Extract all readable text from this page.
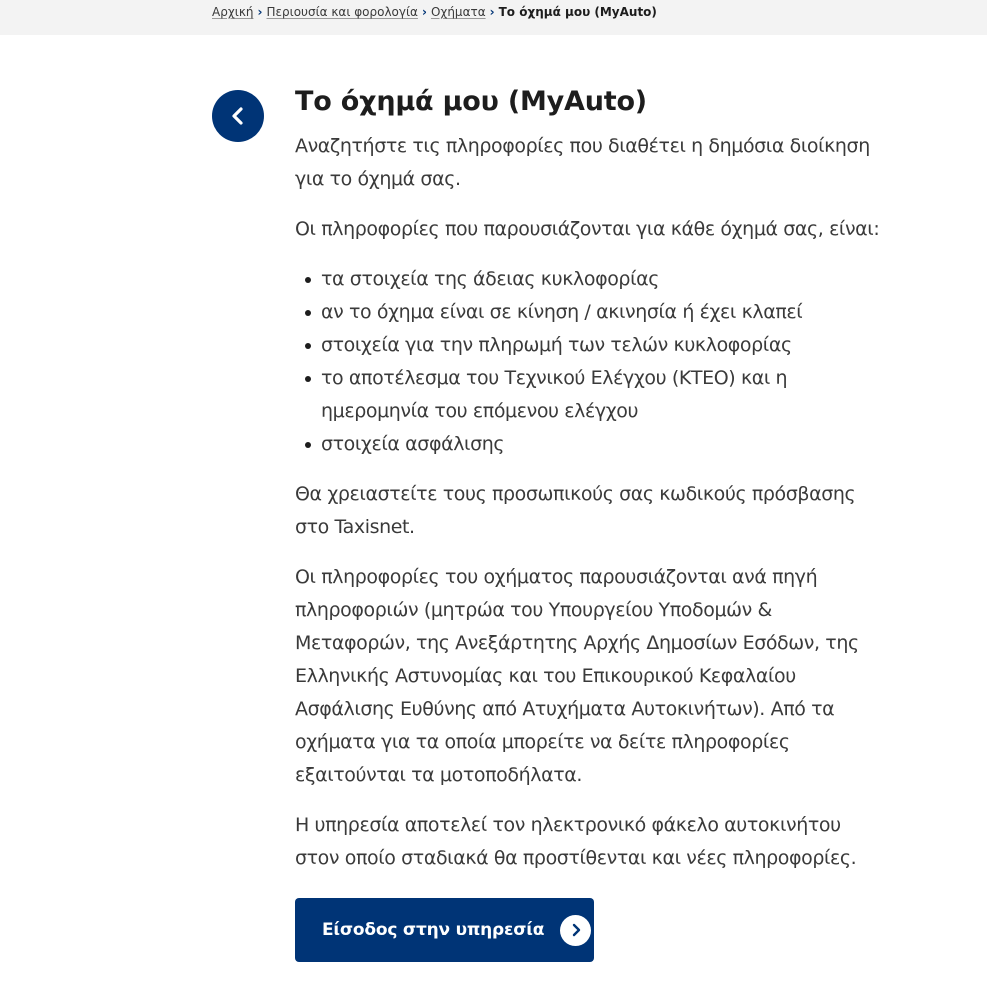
Αρχική › Περιουσία και φορολογία › Οχήματα › Το όχημά μου (MyAuto)
Το όχημά μου (MyAuto)

Αναζητήστε τις πληροφορίες που διαθέτει η δημόσια διοίκηση για το όχημά σας.

Οι πληροφορίες που παρουσιάζονται για κάθε όχημά σας, είναι:

τα στοιχεία της άδειας κυκλοφορίας
αν το όχημα είναι σε κίνηση / ακινησία ή έχει κλαπεί
στοιχεία για την πληρωμή των τελών κυκλοφορίας
το αποτέλεσμα του Τεχνικού Ελέγχου (ΚΤΕΟ) και η ημερομηνία του επόμενου ελέγχου
στοιχεία ασφάλισης

Θα χρειαστείτε τους προσωπικούς σας κωδικούς πρόσβασης στο Taxisnet.

Οι πληροφορίες του οχήματος παρουσιάζονται ανά πηγή πληροφοριών (μητρώα του Υπουργείου Υποδομών & Μεταφορών, της Ανεξάρτητης Αρχής Δημοσίων Εσόδων, της Ελληνικής Αστυνομίας και του Επικουρικού Κεφαλαίου Ασφάλισης Ευθύνης από Ατυχήματα Αυτοκινήτων). Από τα οχήματα για τα οποία μπορείτε να δείτε πληροφορίες εξαιτούνται τα μοτοποδήλατα.

Η υπηρεσία αποτελεί τον ηλεκτρονικό φάκελο αυτοκινήτου στον οποίο σταδιακά θα προστίθενται και νέες πληροφορίες.

Είσοδος στην υπηρεσία
